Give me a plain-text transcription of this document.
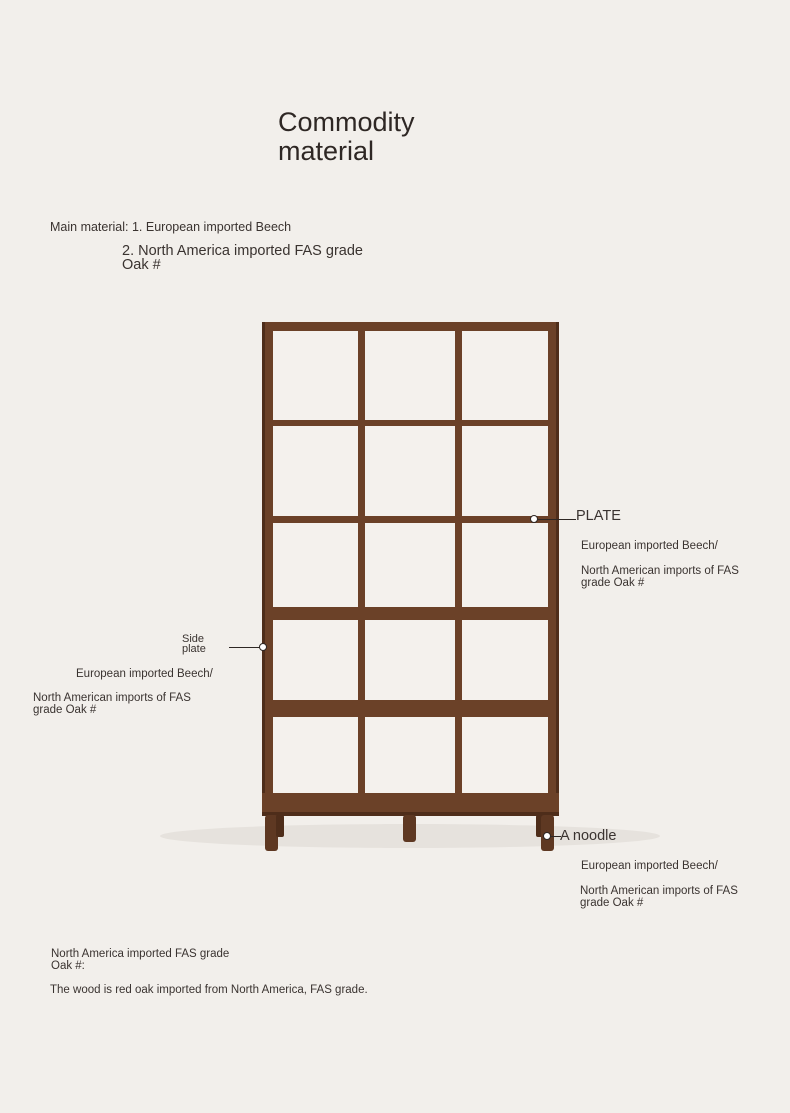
Commodity
material
Main material: 1. European imported Beech
2. North America imported FAS grade
Oak #
PLATE
European imported Beech/
North American imports of FAS
grade Oak #
Side
plate
European imported Beech/
North American imports of FAS
grade Oak #
A noodle
European imported Beech/
North American imports of FAS
grade Oak #
North America imported FAS grade
Oak #:
The wood is red oak imported from North America, FAS grade.
